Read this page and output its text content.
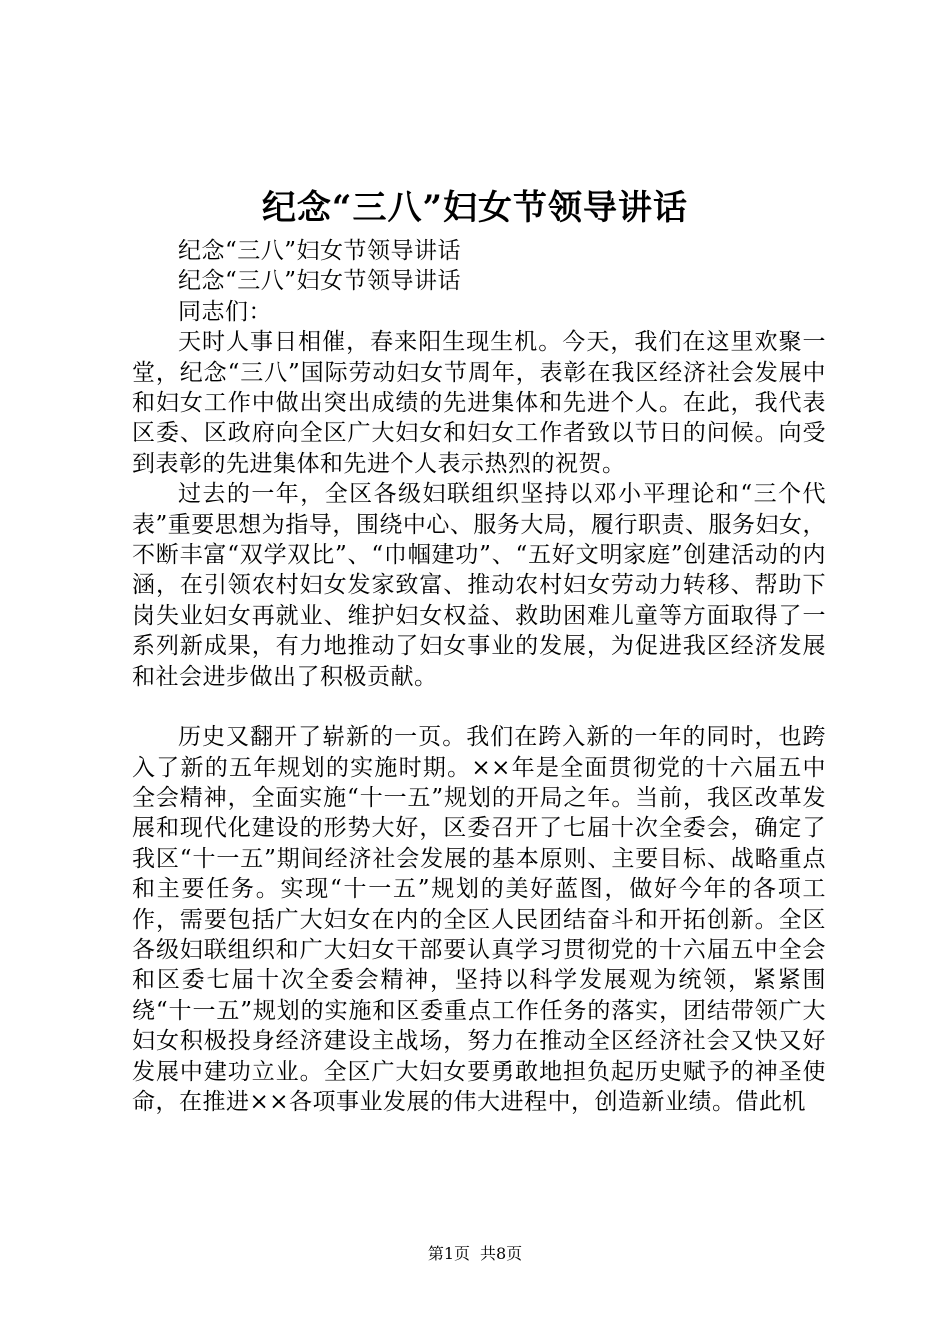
纪念“三八”妇女节领导讲话

纪念“三八”妇女节领导讲话

纪念“三八”妇女节领导讲话

同志们：

天时人事日相催，春来阳生现生机。今天，我们在这里欢聚一堂，纪念“三八”国际劳动妇女节周年，表彰在我区经济社会发展中和妇女工作中做出突出成绩的先进集体和先进个人。在此，我代表区委、区政府向全区广大妇女和妇女工作者致以节日的问候。向受到表彰的先进集体和先进个人表示热烈的祝贺。

过去的一年，全区各级妇联组织坚持以邓小平理论和“三个代表”重要思想为指导，围绕中心、服务大局，履行职责、服务妇女，不断丰富“双学双比”、“巾帼建功”、“五好文明家庭”创建活动的内涵，在引领农村妇女发家致富、推动农村妇女劳动力转移、帮助下岗失业妇女再就业、维护妇女权益、救助困难儿童等方面取得了一系列新成果，有力地推动了妇女事业的发展，为促进我区经济发展和社会进步做出了积极贡献。

历史又翻开了崭新的一页。我们在跨入新的一年的同时，也跨入了新的五年规划的实施时期。××年是全面贯彻党的十六届五中全会精神，全面实施“十一五”规划的开局之年。当前，我区改革发展和现代化建设的形势大好，区委召开了七届十次全委会，确定了我区“十一五”期间经济社会发展的基本原则、主要目标、战略重点和主要任务。实现“十一五”规划的美好蓝图，做好今年的各项工作，需要包括广大妇女在内的全区人民团结奋斗和开拓创新。全区各级妇联组织和广大妇女干部要认真学习贯彻党的十六届五中全会和区委七届十次全委会精神，坚持以科学发展观为统领，紧紧围绕“十一五”规划的实施和区委重点工作任务的落实，团结带领广大妇女积极投身经济建设主战场，努力在推动全区经济社会又快又好发展中建功立业。全区广大妇女要勇敢地担负起历史赋予的神圣使命，在推进××各项事业发展的伟大进程中，创造新业绩。借此机

第1页 共8页
